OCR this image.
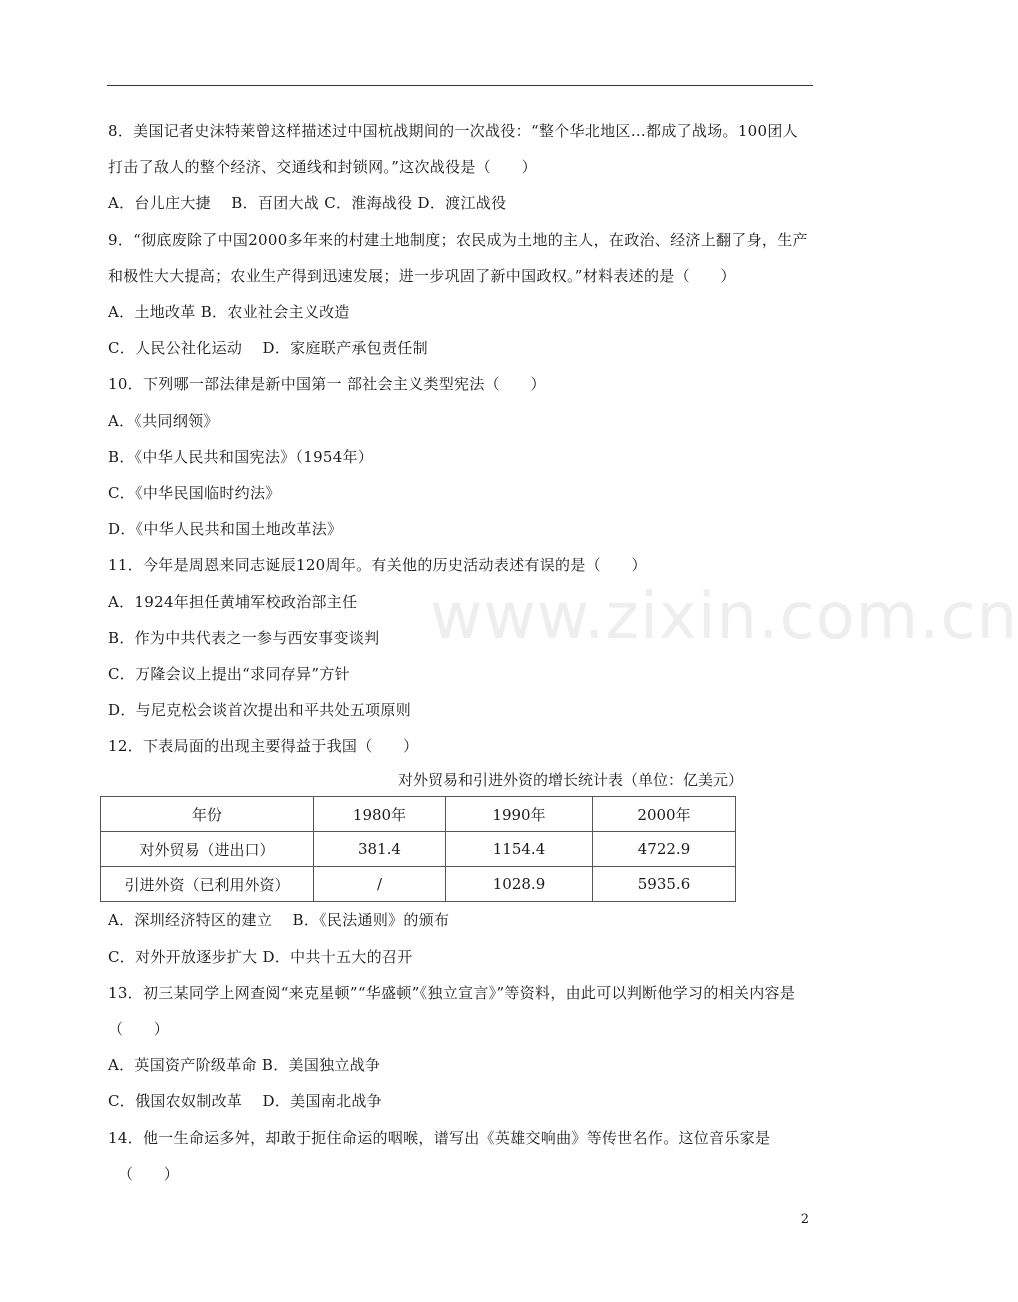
www.zixin.com.cn
8．美国记者史沫特莱曾这样描述过中国杭战期间的一次战役：“整个华北地区…都成了战场。100团人打击了敌人的整个经济、交通线和封锁网。”这次战役是（　　）
A．台儿庄大捷　 B．百团大战 C．淮海战役 D．渡江战役
9．“彻底废除了中国2000多年来的村建土地制度；农民成为土地的主人，在政治、经济上翻了身，生产和极性大大提高；农业生产得到迅速发展；进一步巩固了新中国政权。”材料表述的是（　　）
A．土地改革 B．农业社会主义改造
C．人民公社化运动　 D．家庭联产承包责任制
10．下列哪一部法律是新中国第一 部社会主义类型宪法（　　）
A．《共同纲领》
B．《中华人民共和国宪法》（1954年）
C．《中华民国临时约法》
D．《中华人民共和国土地改革法》
11．今年是周恩来同志诞辰120周年。有关他的历史活动表述有误的是（　　）
A．1924年担任黄埔军校政治部主任
B．作为中共代表之一参与西安事变谈判
C．万隆会议上提出“求同存异”方针
D．与尼克松会谈首次提出和平共处五项原则
12．下表局面的出现主要得益于我国（　　）
对外贸易和引进外资的增长统计表（单位：亿美元）
年份	1980年	1990年	2000年
对外贸易（进出口）	381.4	1154.4	4722.9
引进外资（已利用外资）	/	1028.9	5935.6
A．深圳经济特区的建立　 B．《民法通则》的颁布
C．对外开放逐步扩大 D．中共十五大的召开
13．初三某同学上网查阅“来克星顿”“华盛顿”《独立宣言》”等资料，由此可以判断他学习的相关内容是（　　）
A．英国资产阶级革命 B．美国独立战争
C．俄国农奴制改革　 D．美国南北战争
14．他一生命运多舛，却敢于扼住命运的咽喉，谱写出《英雄交响曲》等传世名作。这位音乐家是
（　　）
2
